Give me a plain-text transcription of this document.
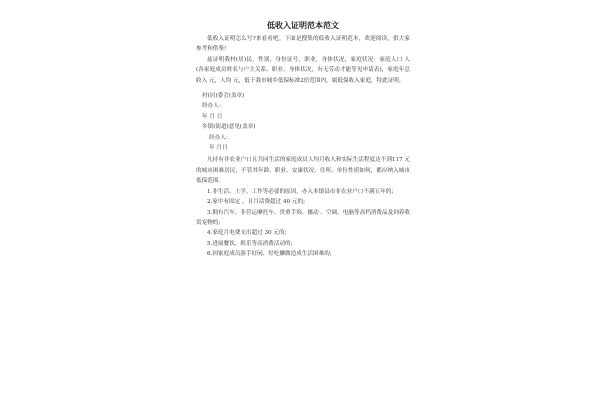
低收入证明范本范文

低收入证明怎么写?来看看吧。下面是搜集的低收入证明范本，欢迎阅读，供大家参考和借鉴!

兹证明我村(居)民，性别，身份证号，职业，身体状况，家庭状况：家庭人口 人(各家庭成员姓名与户主关系、职业、身体状况，有无劳动才能等见申请表)，家庭年总收入 元，人均 元，低于我市城乡低保标准2倍范围内，属低保收入家庭，特此证明。

村(居)委会(盖章)

经办人：

年 月 日

乡镇(街道)意见(盖章)

经办人：

年 月日

凡持有非农业户口且共同生活的家庭成员人均月收入和实际生活程度达不到117 元的城市困难居民，不管其年龄、职业、安康状况、住所、单位性质如何，都应纳入城市低保范围。

1.非生活、上学、工作等必要的原因，办入本镇县市非农业户口不满五年的;

2.家中有固定 ，且月话费超过 40 元的;

3.拥有汽车、非营运摩托车、贵重手饰、摄动 、空调、电脑等高档消费品及饲养收赏宠物的;

4.家庭月电费支出超过 30 元的;

5.进展餐饮、娱乐等高消费活动的;

6.因家庭成员游手好闲、好吃懒做造成生活困难的;
